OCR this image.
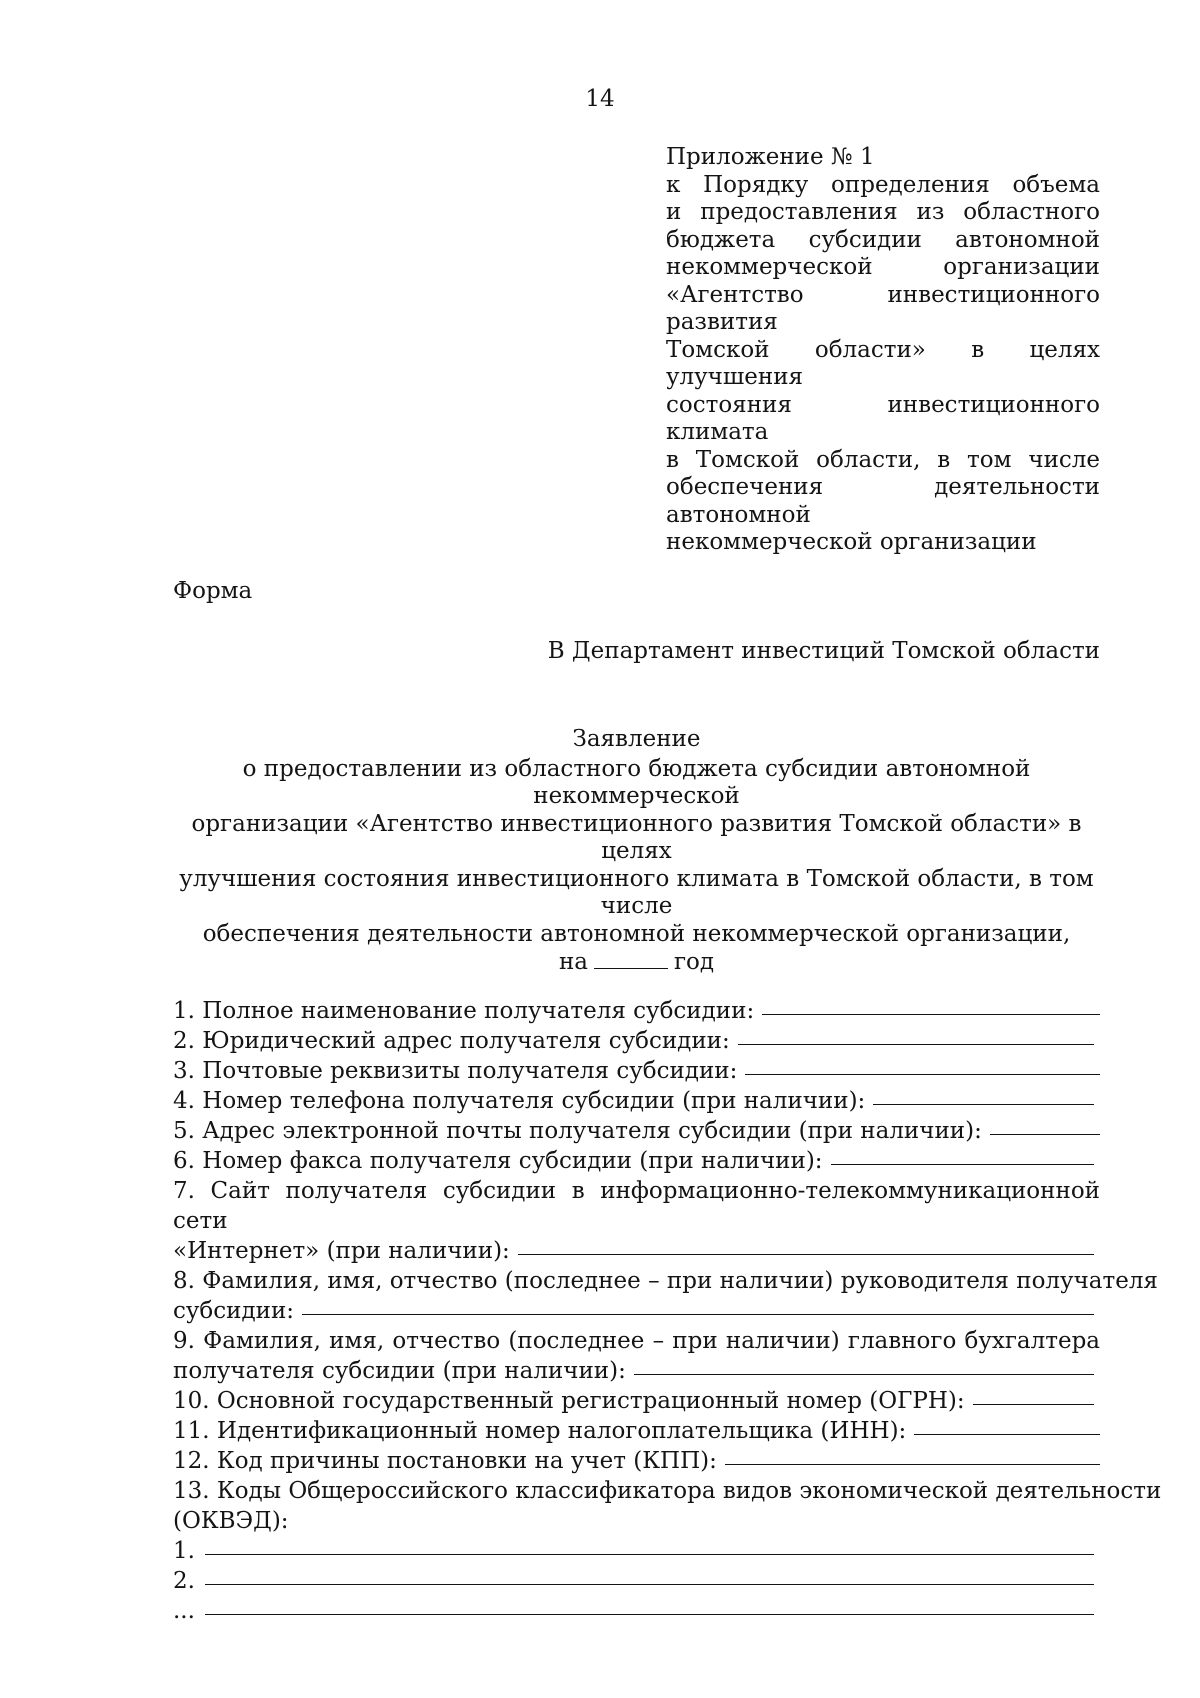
14
Приложение № 1
к Порядку определения объема
и предоставления из областного
бюджета субсидии автономной
некоммерческой организации
«Агентство инвестиционного развития
Томской области» в целях улучшения
состояния инвестиционного климата
в Томской области, в том числе
обеспечения деятельности автономной
некоммерческой организации
Форма
В Департамент инвестиций Томской области
Заявление
о предоставлении из областного бюджета субсидии автономной некоммерческой
организации «Агентство инвестиционного развития Томской области» в целях
улучшения состояния инвестиционного климата в Томской области, в том числе
обеспечения деятельности автономной некоммерческой организации,
на	год
1. Полное наименование получателя субсидии:
2. Юридический адрес получателя субсидии:
3. Почтовые реквизиты получателя субсидии:
4. Номер телефона получателя субсидии (при наличии):
5. Адрес электронной почты получателя субсидии (при наличии):
6. Номер факса получателя субсидии (при наличии):
7. Сайт получателя субсидии в информационно-телекоммуникационной сети
«Интернет» (при наличии):
8. Фамилия, имя, отчество (последнее – при наличии) руководителя получателя
субсидии:
9. Фамилия, имя, отчество (последнее – при наличии) главного бухгалтера
получателя субсидии (при наличии):
10. Основной государственный регистрационный номер (ОГРН):
11. Идентификационный номер налогоплательщика (ИНН):
12. Код причины постановки на учет (КПП):
13. Коды Общероссийского классификатора видов экономической деятельности
(ОКВЭД):
1.
2.
...
